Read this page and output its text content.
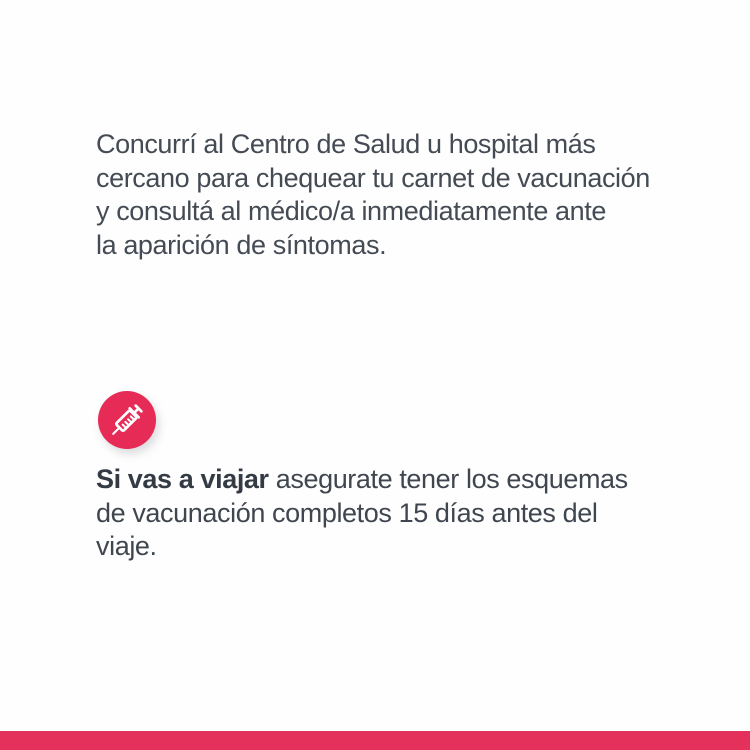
Concurrí al Centro de Salud u hospital más
cercano para chequear tu carnet de vacunación
y consultá al médico/a inmediatamente ante
la aparición de síntomas.
Si vas a viajar asegurate tener los esquemas
de vacunación completos 15 días antes del
viaje.
